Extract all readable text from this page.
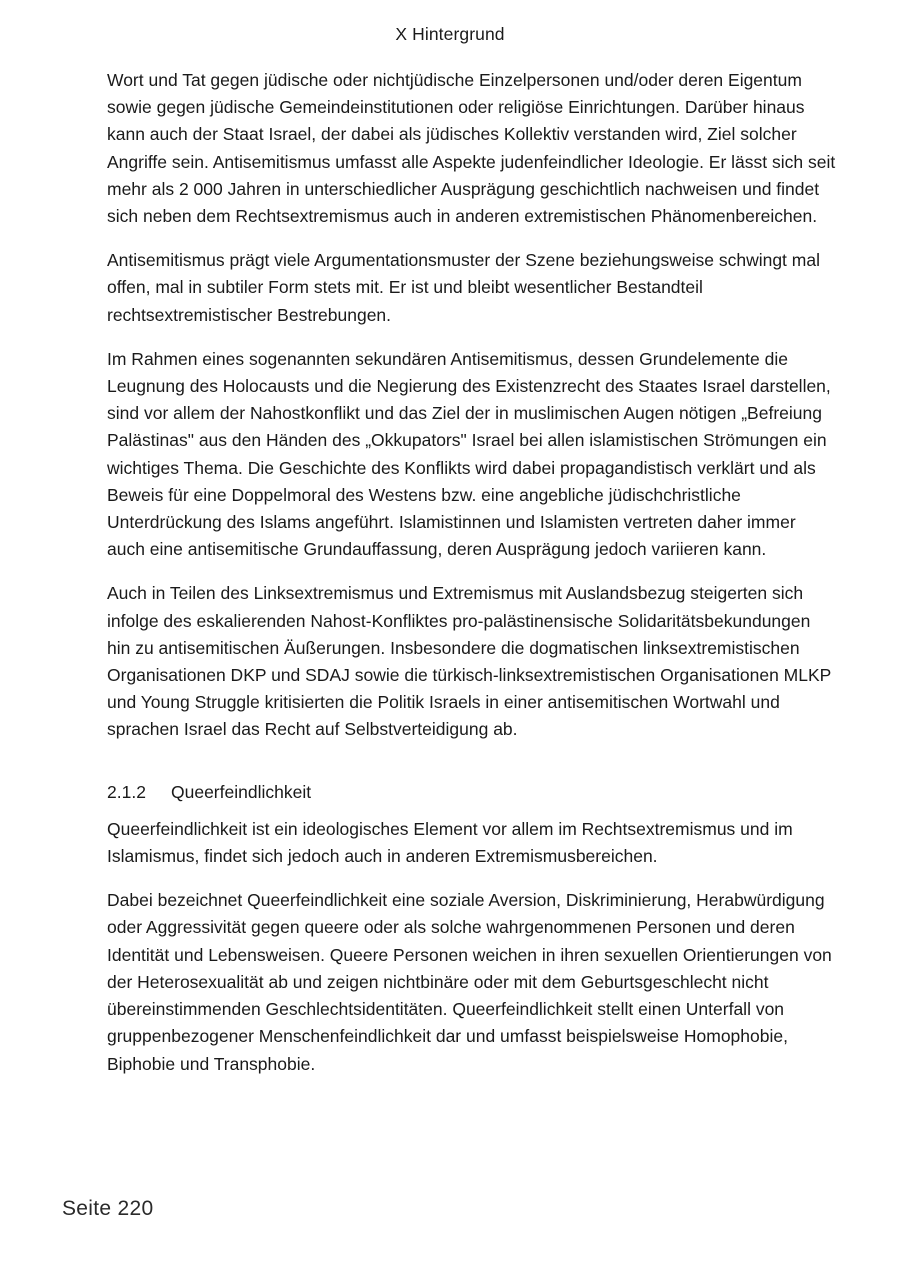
X Hintergrund

Wort und Tat gegen jüdische oder nichtjüdische Einzelpersonen und/oder deren Eigentum sowie gegen jüdische Gemeindeinstitutionen oder religiöse Einrichtungen. Darüber hinaus kann auch der Staat Israel, der dabei als jüdisches Kollektiv verstanden wird, Ziel solcher Angriffe sein. Antisemitismus umfasst alle Aspekte judenfeindlicher Ideologie. Er lässt sich seit mehr als 2 000 Jahren in unterschiedlicher Ausprägung geschichtlich nachweisen und findet sich neben dem Rechtsextremismus auch in anderen extremistischen Phänomenbereichen.

Antisemitismus prägt viele Argumentationsmuster der Szene beziehungsweise schwingt mal offen, mal in subtiler Form stets mit. Er ist und bleibt wesentlicher Bestandteil rechtsextremistischer Bestrebungen.

Im Rahmen eines sogenannten sekundären Antisemitismus, dessen Grundelemente die Leugnung des Holocausts und die Negierung des Existenzrecht des Staates Israel darstellen, sind vor allem der Nahostkonflikt und das Ziel der in muslimischen Augen nötigen „Befreiung Palästinas" aus den Händen des „Okkupators" Israel bei allen islamistischen Strömungen ein wichtiges Thema. Die Geschichte des Konflikts wird dabei propagandistisch verklärt und als Beweis für eine Doppelmoral des Westens bzw. eine angebliche jüdischchristliche Unterdrückung des Islams angeführt. Islamistinnen und Islamisten vertreten daher immer auch eine antisemitische Grundauffassung, deren Ausprägung jedoch variieren kann.

Auch in Teilen des Linksextremismus und Extremismus mit Auslandsbezug steigerten sich infolge des eskalierenden Nahost-Konfliktes pro-palästinensische Solidaritätsbekundungen hin zu antisemitischen Äußerungen. Insbesondere die dogmatischen linksextremistischen Organisationen DKP und SDAJ sowie die türkisch-linksextremistischen Organisationen MLKP und Young Struggle kritisierten die Politik Israels in einer antisemitischen Wortwahl und sprachen Israel das Recht auf Selbstverteidigung ab.

2.1.2	Queerfeindlichkeit

Queerfeindlichkeit ist ein ideologisches Element vor allem im Rechtsextremismus und im Islamismus, findet sich jedoch auch in anderen Extremismusbereichen.

Dabei bezeichnet Queerfeindlichkeit eine soziale Aversion, Diskriminierung, Herabwürdigung oder Aggressivität gegen queere oder als solche wahrgenommenen Personen und deren Identität und Lebensweisen. Queere Personen weichen in ihren sexuellen Orientierungen von der Heterosexualität ab und zeigen nichtbinäre oder mit dem Geburtsgeschlecht nicht übereinstimmenden Geschlechtsidentitäten. Queerfeindlichkeit stellt einen Unterfall von gruppenbezogener Menschenfeindlichkeit dar und umfasst beispielsweise Homophobie, Biphobie und Transphobie.

Seite 220
